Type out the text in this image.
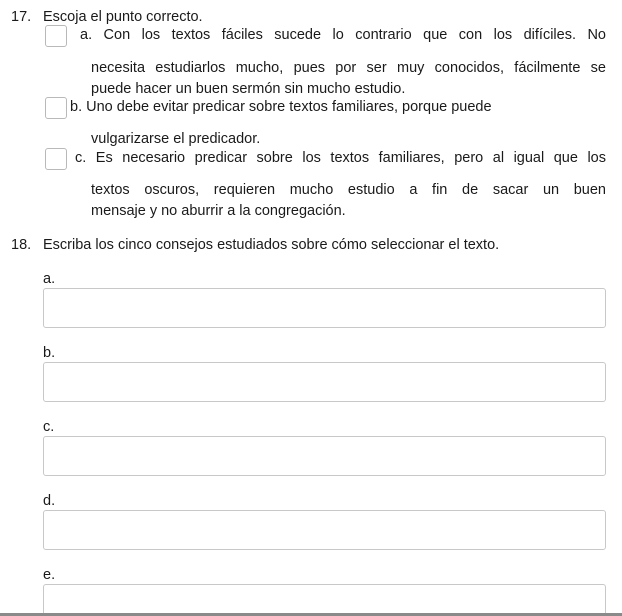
17. Escoja el punto correcto.
a. Con los textos fáciles sucede lo contrario que con los difíciles. No
necesita estudiarlos mucho, pues por ser muy conocidos, fácilmente se
puede hacer un buen sermón sin mucho estudio.
b. Uno debe evitar predicar sobre textos familiares, porque puede
vulgarizarse el predicador.
c. Es necesario predicar sobre los textos familiares, pero al igual que los
textos oscuros, requieren mucho estudio a fin de sacar un buen
mensaje y no aburrir a la congregación.
18. Escriba los cinco consejos estudiados sobre cómo seleccionar el texto.
a.
b.
c.
d.
e.
